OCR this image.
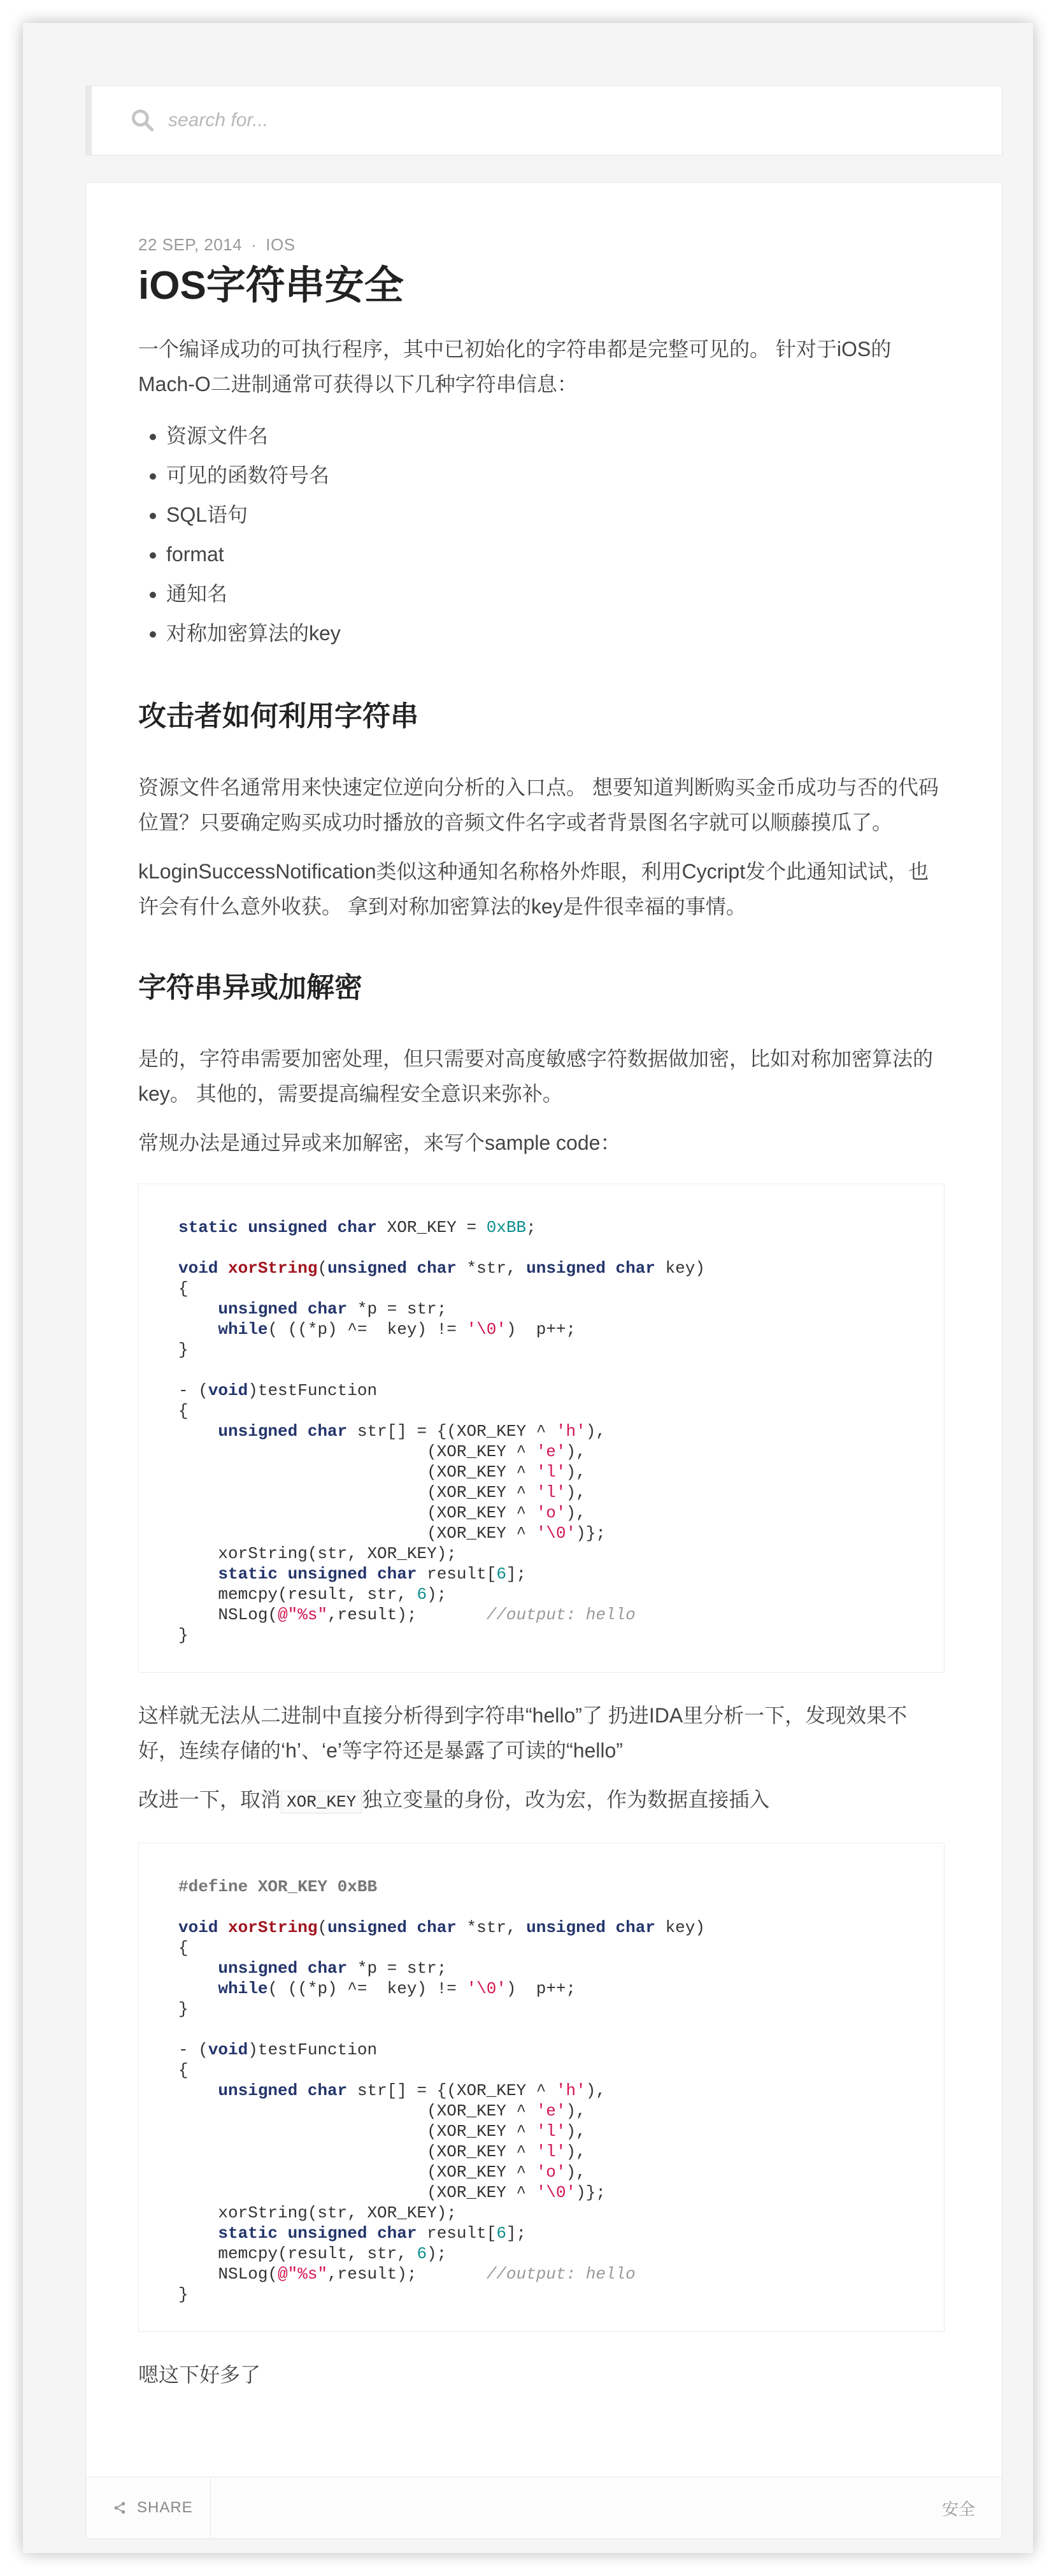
search for...
22 SEP, 2014 · IOS
iOS字符串安全

一个编译成功的可执行程序，其中已初始化的字符串都是完整可见的。 针对于iOS的Mach-O二进制通常可获得以下几种字符串信息：

• 资源文件名
• 可见的函数符号名
• SQL语句
• format
• 通知名
• 对称加密算法的key
攻击者如何利用字符串

资源文件名通常用来快速定位逆向分析的入口点。 想要知道判断购买金币成功与否的代码位置？只要确定购买成功时播放的音频文件名字或者背景图名字就可以顺藤摸瓜了。

kLoginSuccessNotification类似这种通知名称格外炸眼，利用Cycript发个此通知试试，也许会有什么意外收获。 拿到对称加密算法的key是件很幸福的事情。

字符串异或加解密

是的，字符串需要加密处理，但只需要对高度敏感字符数据做加密，比如对称加密算法的key。 其他的，需要提高编程安全意识来弥补。

常规办法是通过异或来加解密，来写个sample code：

static unsigned char XOR_KEY = 0xBB;
void xorString(unsigned char *str, unsigned char key)
{
unsigned char *p = str;
while( ((*p) ^=  key) != '\0')  p++;
}
- (void)testFunction
{
unsigned char str[] = {(XOR_KEY ^ 'h'),
(XOR_KEY ^ 'e'),
(XOR_KEY ^ 'l'),
(XOR_KEY ^ 'l'),
(XOR_KEY ^ 'o'),
(XOR_KEY ^ '\0')};
xorString(str, XOR_KEY);
static unsigned char result[6];
memcpy(result, str, 6);
NSLog(@"%s",result);       //output: hello
}

这样就无法从二进制中直接分析得到字符串“hello”了 扔进IDA里分析一下，发现效果不好，连续存储的‘h’、‘e’等字符还是暴露了可读的“hello”

改进一下，取消 XOR_KEY 独立变量的身份，改为宏，作为数据直接插入

#define XOR_KEY 0xBB
void xorString(unsigned char *str, unsigned char key)
{
unsigned char *p = str;
while( ((*p) ^=  key) != '\0')  p++;
}
- (void)testFunction
{
unsigned char str[] = {(XOR_KEY ^ 'h'),
(XOR_KEY ^ 'e'),
(XOR_KEY ^ 'l'),
(XOR_KEY ^ 'l'),
(XOR_KEY ^ 'o'),
(XOR_KEY ^ '\0')};
xorString(str, XOR_KEY);
static unsigned char result[6];
memcpy(result, str, 6);
NSLog(@"%s",result);       //output: hello
}

嗯这下好多了

SHARE	安全
